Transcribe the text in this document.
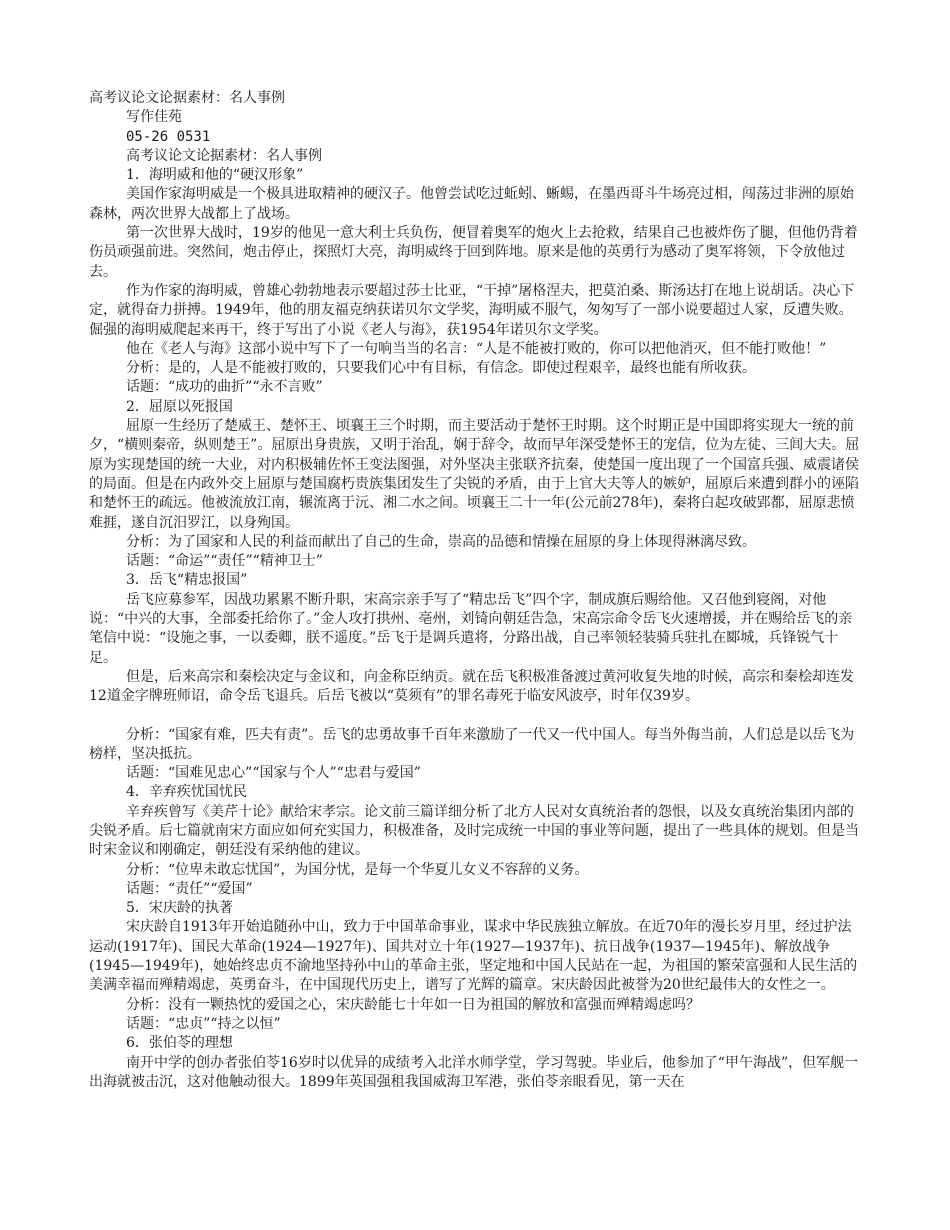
高考议论文论据素材：名人事例

写作佳苑

05-26 0531

高考议论文论据素材：名人事例

1．海明威和他的“硬汉形象”

美国作家海明威是一个极具进取精神的硬汉子。他曾尝试吃过蚯蚓、蜥蜴，在墨西哥斗牛场亮过相，闯荡过非洲的原始森林，两次世界大战都上了战场。

第一次世界大战时，19岁的他见一意大利士兵负伤，便冒着奥军的炮火上去抢救，结果自己也被炸伤了腿，但他仍背着伤员顽强前进。突然间，炮击停止，探照灯大亮，海明威终于回到阵地。原来是他的英勇行为感动了奥军将领，下令放他过去。

作为作家的海明威，曾雄心勃勃地表示要超过莎士比亚，“干掉”屠格涅夫，把莫泊桑、斯汤达打在地上说胡话。决心下定，就得奋力拼搏。1949年，他的朋友福克纳获诺贝尔文学奖，海明威不服气，匆匆写了一部小说要超过人家，反遭失败。倔强的海明威爬起来再干，终于写出了小说《老人与海》，获1954年诺贝尔文学奖。

他在《老人与海》这部小说中写下了一句响当当的名言：“人是不能被打败的，你可以把他消灭，但不能打败他！”

分析：是的，人是不能被打败的，只要我们心中有目标，有信念。即使过程艰辛，最终也能有所收获。

话题：“成功的曲折”“永不言败”

2．屈原以死报国

屈原一生经历了楚威王、楚怀王、顷襄王三个时期，而主要活动于楚怀王时期。这个时期正是中国即将实现大一统的前夕，“横则秦帝，纵则楚王”。屈原出身贵族，又明于治乱，娴于辞令，故而早年深受楚怀王的宠信，位为左徒、三闾大夫。屈原为实现楚国的统一大业，对内积极辅佐怀王变法图强，对外坚决主张联齐抗秦，使楚国一度出现了一个国富兵强、威震诸侯的局面。但是在内政外交上屈原与楚国腐朽贵族集团发生了尖锐的矛盾，由于上官大夫等人的嫉妒，屈原后来遭到群小的诬陷和楚怀王的疏远。他被流放江南，辗流离于沅、湘二水之间。顷襄王二十一年(公元前278年)，秦将白起攻破郢都，屈原悲愤难捱，遂自沉汨罗江，以身殉国。

分析：为了国家和人民的利益而献出了自己的生命，崇高的品德和情操在屈原的身上体现得淋漓尽致。

话题：“命运”“责任”“精神卫士”

3．岳飞“精忠报国”

岳飞应募参军，因战功累累不断升职，宋高宗亲手写了“精忠岳飞”四个字，制成旗后赐给他。又召他到寝阁，对他说：“中兴的大事，全部委托给你了。”金人攻打拱州、亳州，刘锜向朝廷告急，宋高宗命令岳飞火速增援，并在赐给岳飞的亲笔信中说：“设施之事，一以委卿，朕不遥度。”岳飞于是调兵遣将，分路出战，自己率领轻装骑兵驻扎在郾城，兵锋锐气十足。

但是，后来高宗和秦桧决定与金议和，向金称臣纳贡。就在岳飞积极准备渡过黄河收复失地的时候，高宗和秦桧却连发12道金字牌班师诏，命令岳飞退兵。后岳飞被以“莫须有”的罪名毒死于临安风波亭，时年仅39岁。

分析：“国家有难，匹夫有责”。岳飞的忠勇故事千百年来激励了一代又一代中国人。每当外侮当前，人们总是以岳飞为榜样，坚决抵抗。

话题：“国难见忠心”“国家与个人”“忠君与爱国”

4．辛弃疾忧国忧民

辛弃疾曾写《美芹十论》献给宋孝宗。论文前三篇详细分析了北方人民对女真统治者的怨恨，以及女真统治集团内部的尖锐矛盾。后七篇就南宋方面应如何充实国力，积极准备，及时完成统一中国的事业等问题，提出了一些具体的规划。但是当时宋金议和刚确定，朝廷没有采纳他的建议。

分析：“位卑未敢忘忧国”，为国分忧，是每一个华夏儿女义不容辞的义务。

话题：“责任”“爱国”

5．宋庆龄的执著

宋庆龄自1913年开始追随孙中山，致力于中国革命事业，谋求中华民族独立解放。在近70年的漫长岁月里，经过护法运动(1917年)、国民大革命(1924—1927年)、国共对立十年(1927—1937年)、抗日战争(1937—1945年)、解放战争(1945—1949年)，她始终忠贞不渝地坚持孙中山的革命主张，坚定地和中国人民站在一起，为祖国的繁荣富强和人民生活的美满幸福而殚精竭虑，英勇奋斗，在中国现代历史上，谱写了光辉的篇章。宋庆龄因此被誉为20世纪最伟大的女性之一。

分析：没有一颗热忱的爱国之心，宋庆龄能七十年如一日为祖国的解放和富强而殚精竭虑吗？

话题：“忠贞”“持之以恒”

6．张伯苓的理想

南开中学的创办者张伯苓16岁时以优异的成绩考入北洋水师学堂，学习驾驶。毕业后，他参加了“甲午海战”，但军舰一出海就被击沉，这对他触动很大。1899年英国强租我国威海卫军港，张伯苓亲眼看见，第一天在
